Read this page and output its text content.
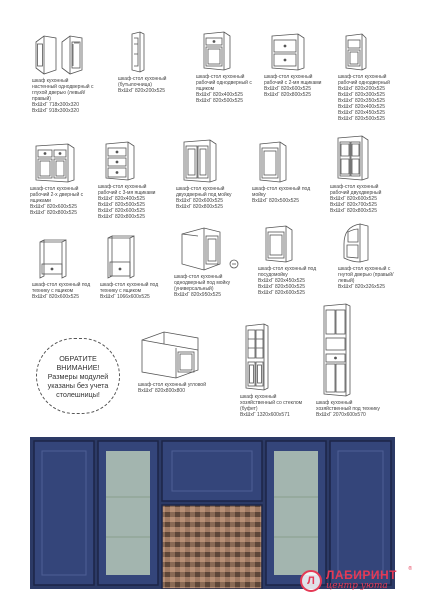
шкаф кухонный настенный однодверный с глухой дверью (левый/правый)
ВхШхГ 718х300х320
ВхШхГ 918х300х320
шкаф-стол кухонный (бутылочница)
ВхШхГ 820х200х525
шкаф-стол кухонный рабочий однодверный с ящиком
ВхШхГ 820х400х525
ВхШхГ 820х500х525
шкаф-стол кухонный рабочий с 2-мя ящиками
ВхШхГ 820х600х525
ВхШхГ 820х800х525
шкаф-стол кухонный рабочий однодверный
ВхШхГ 820х200х525
ВхШхГ 820х300х525
ВхШхГ 820х350х525
ВхШхГ 820х400х525
ВхШхГ 820х450х525
ВхШхГ 820х500х525
шкаф-стол кухонный рабочий 2-х дверный с ящиками
ВхШхГ 820х600х525
ВхШхГ 820х800х525
шкаф-стол кухонный рабочий с 3-мя ящиками
ВхШхГ 820х400х525
ВхШхГ 820х500х525
ВхШхГ 820х600х525
ВхШхГ 820х800х525
шкаф-стол кухонный двухдверный под мойку
ВхШхГ 820х600х525
ВхШхГ 820х800х525
шкаф-стол кухонный под мойку
ВхШхГ 820х500х525
шкаф-стол кухонный рабочий двухдверный
ВхШхГ 820х600х525
ВхШхГ 820х700х525
ВхШхГ 820х800х525
шкаф-стол кухонный под технику с ящиком
ВхШхГ 820х600х525
шкаф-стол кухонный под технику с ящиком
ВхШхГ 1066х600х525
шкаф-стол кухонный однодверный под мойку (универсальный)
ВхШхГ 820х950х525
шкаф-стол кухонный под посудомойку
ВхШхГ 820х450х525
ВхШхГ 820х500х525
ВхШхГ 820х600х525
шкаф-стол кухонный с гнутой дверью (правый/левый)
ВхШхГ 820х326х525
ОБРАТИТЕ
ВНИМАНИЕ!
Размеры модулей
указаны без учета
столешницы!
шкаф-стол кухонный угловой
ВхШхГ 820х800х800
шкаф кухонный хозяйственный со стеклом (буфет)
ВхШхГ 1320х600х571
шкаф кухонный хозяйственный под технику
ВхШхГ 2070х600х570
Л ЛАБИРИНТ
центр уюта
®
